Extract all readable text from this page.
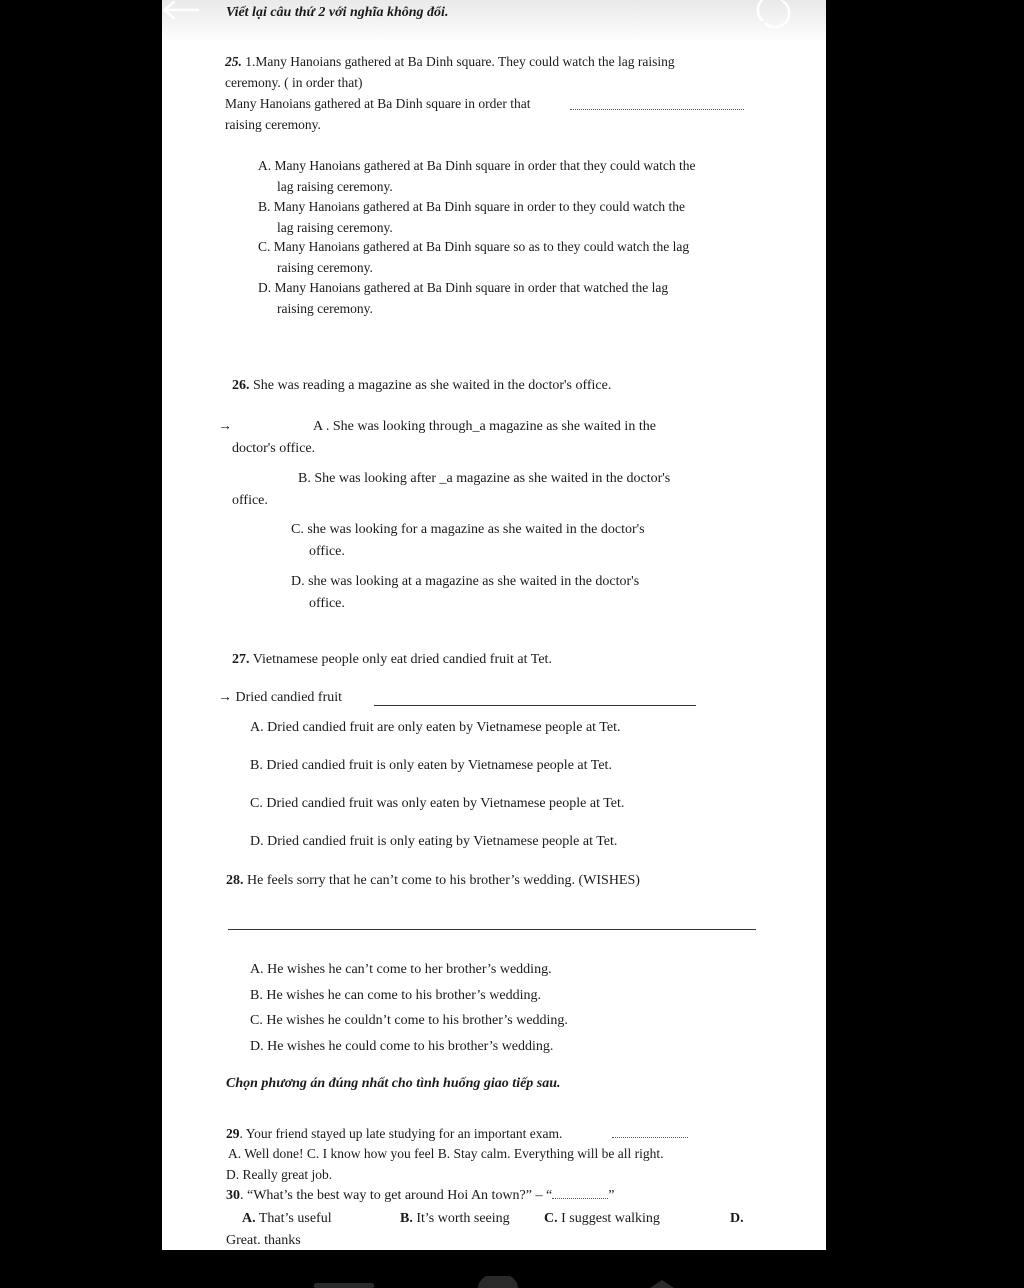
Viết lại câu thứ 2 với nghĩa không đổi.
25. 1.Many Hanoians gathered at Ba Dinh square. They could watch the lag raising
ceremony. ( in order that)
Many Hanoians gathered at Ba Dinh square in order that
raising ceremony.
A. Many Hanoians gathered at Ba Dinh square in order that they could watch the
lag raising ceremony.
B. Many Hanoians gathered at Ba Dinh square in order to they could watch the
lag raising ceremony.
C. Many Hanoians gathered at Ba Dinh square so as to they could watch the lag
raising ceremony.
D. Many Hanoians gathered at Ba Dinh square in order that watched the lag
raising ceremony.
26. She was reading a magazine as she waited in the doctor's office.
→	A . She was looking through_a magazine as she waited in the
doctor's office.
B. She was looking after _a magazine as she waited in the doctor's
office.
C. she was looking for a magazine as she waited in the doctor's
office.
D. she was looking at a magazine as she waited in the doctor's
office.
27. Vietnamese people only eat dried candied fruit at Tet.
→ Dried candied fruit
A. Dried candied fruit are only eaten by Vietnamese people at Tet.
B. Dried candied fruit is only eaten by Vietnamese people at Tet.
C. Dried candied fruit was only eaten by Vietnamese people at Tet.
D. Dried candied fruit is only eating by Vietnamese people at Tet.
28. He feels sorry that he can’t come to his brother’s wedding. (WISHES)
A. He wishes he can’t come to her brother’s wedding.
B. He wishes he can come to his brother’s wedding.
C. He wishes he couldn’t come to his brother’s wedding.
D. He wishes he could come to his brother’s wedding.
Chọn phương án đúng nhất cho tình huống giao tiếp sau.
29. Your friend stayed up late studying for an important exam.
A. Well done! C. I know how you feel B. Stay calm. Everything will be all right.
D. Really great job.
30. “What’s the best way to get around Hoi An town?” – “	”
A. That’s useful	B. It’s worth seeing C. I suggest walking	D.
Great. thanks
